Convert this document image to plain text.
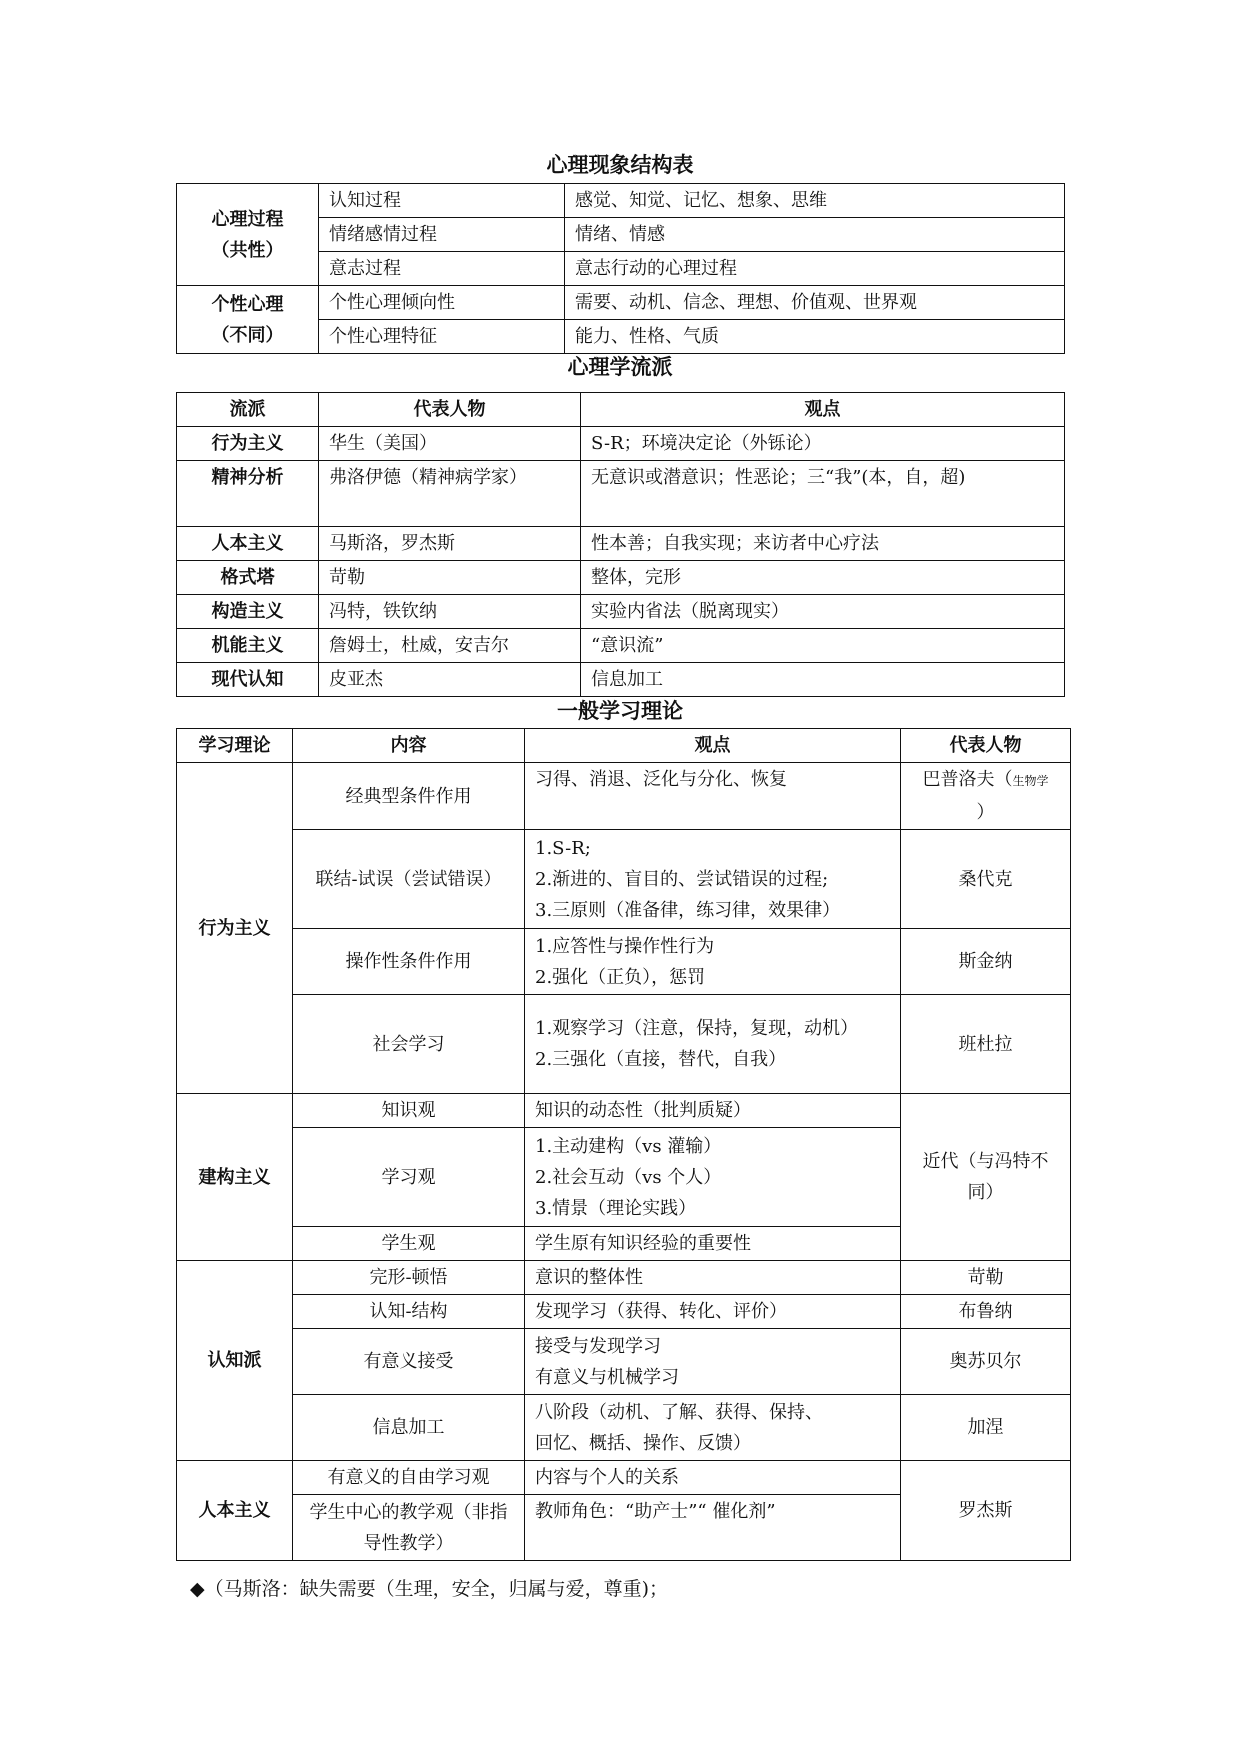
心理现象结构表
心理过程
（共性）	认知过程	感觉、知觉、记忆、想象、思维
	情绪感情过程	情绪、情感
	意志过程	意志行动的心理过程

个性心理
（不同）	个性心理倾向性	需要、动机、信念、理想、价值观、世界观
	个性心理特征	能力、性格、气质
心理学流派
流派	代表人物	观点
行为主义	华生（美国）	S-R；环境决定论（外铄论）
精神分析	弗洛伊德（精神病学家）	无意识或潜意识；性恶论；三“我”(本，自，超)
人本主义	马斯洛，罗杰斯	性本善；自我实现；来访者中心疗法
格式塔	苛勒	整体，完形
构造主义	冯特，铁钦纳	实验内省法（脱离现实）
机能主义	詹姆士，杜威，安吉尔	“意识流”
现代认知	皮亚杰	信息加工
一般学习理论
学习理论	内容	观点	代表人物
行为主义	经典型条件作用	习得、消退、泛化与分化、恢复	巴普洛夫（生物学
）

	联结-试误（尝试错误）	1.S-R;
2.渐进的、盲目的、尝试错误的过程;
3.三原则（准备律，练习律，效果律）	桑代克
	操作性条件作用	1.应答性与操作性行为
2.强化（正负），惩罚	斯金纳
	社会学习	1.观察学习（注意，保持，复现，动机）
2.三强化（直接，替代，自我）	班杜拉
建构主义	知识观	知识的动态性（批判质疑）	近代（与冯特不同）
	学习观	1.主动建构（vs 灌输）
2.社会互动（vs 个人）
3.情景（理论实践）	

	学生观	学生原有知识经验的重要性	
认知派	完形-顿悟	意识的整体性	苛勒
	认知-结构	发现学习（获得、转化、评价）	布鲁纳
	有意义接受	接受与发现学习
有意义与机械学习	奥苏贝尔
	信息加工	八阶段（动机、了解、获得、保持、
回忆、概括、操作、反馈）	加涅
人本主义	有意义的自由学习观	内容与个人的关系	罗杰斯
	学生中心的教学观（非指导性教学）	教师角色：“助产士”“ 催化剂”	
◆（马斯洛：缺失需要（生理，安全，归属与爱，尊重)；
